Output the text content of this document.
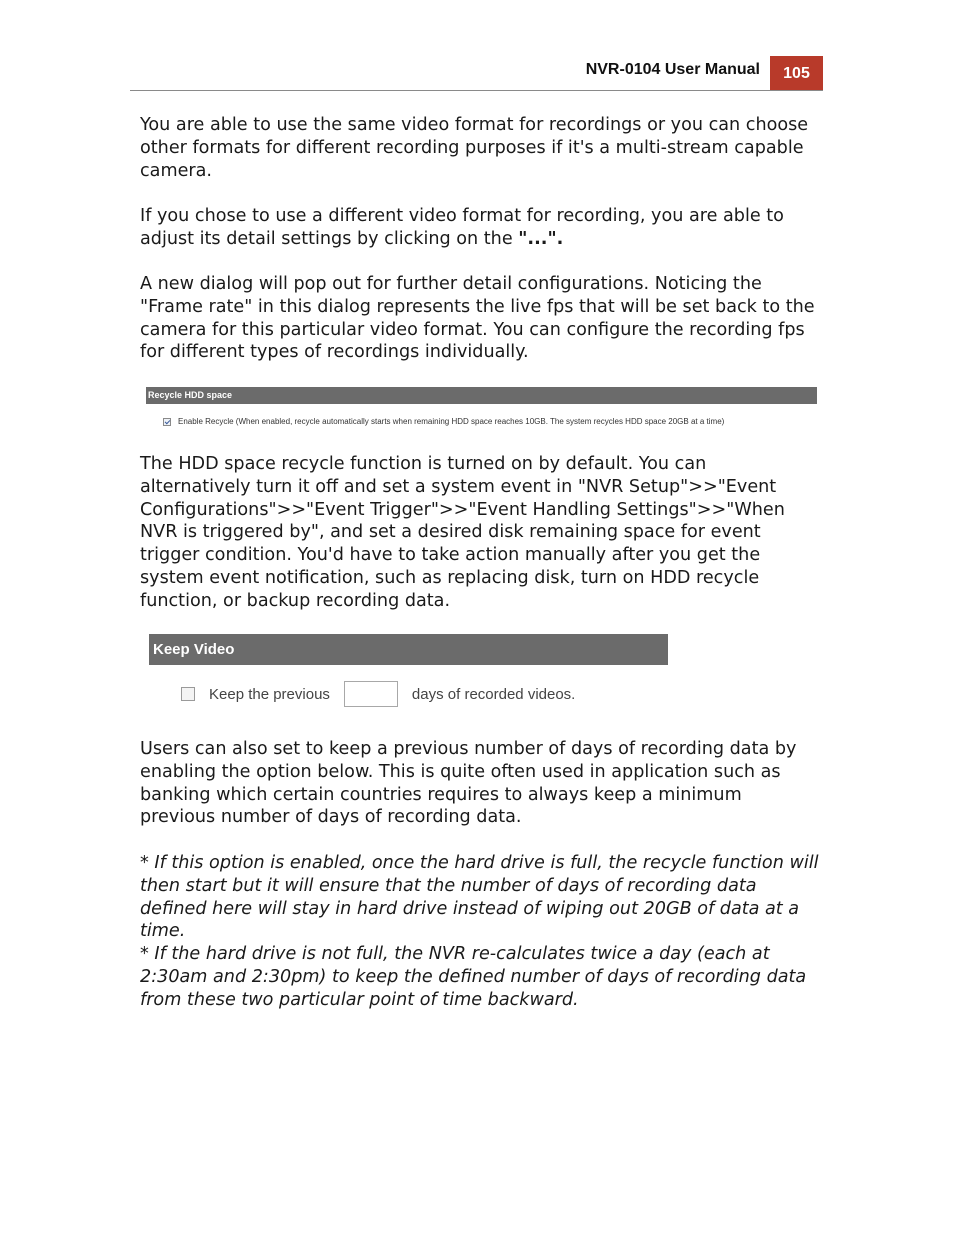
NVR-0104 User Manual	105

You are able to use the same video format for recordings or you can choose other formats for different recording purposes if it's a multi-stream capable camera.

If you chose to use a different video format for recording, you are able to adjust its detail settings by clicking on the "...".

A new dialog will pop out for further detail configurations. Noticing the "Frame rate" in this dialog represents the live fps that will be set back to the camera for this particular video format. You can configure the recording fps for different types of recordings individually.

Recycle HDD space
Enable Recycle (When enabled, recycle automatically starts when remaining HDD space reaches 10GB. The system recycles HDD space 20GB at a time)

The HDD space recycle function is turned on by default. You can alternatively turn it off and set a system event in "NVR Setup">>"Event Configurations">>"Event Trigger">>"Event Handling Settings">>"When NVR is triggered by", and set a desired disk remaining space for event trigger condition. You'd have to take action manually after you get the system event notification, such as replacing disk, turn on HDD recycle function, or backup recording data.

Keep Video
Keep the previous	days of recorded videos.

Users can also set to keep a previous number of days of recording data by enabling the option below. This is quite often used in application such as banking which certain countries requires to always keep a minimum previous number of days of recording data.

* If this option is enabled, once the hard drive is full, the recycle function will then start but it will ensure that the number of days of recording data defined here will stay in hard drive instead of wiping out 20GB of data at a time.

* If the hard drive is not full, the NVR re-calculates twice a day (each at 2:30am and 2:30pm) to keep the defined number of days of recording data from these two particular point of time backward.
